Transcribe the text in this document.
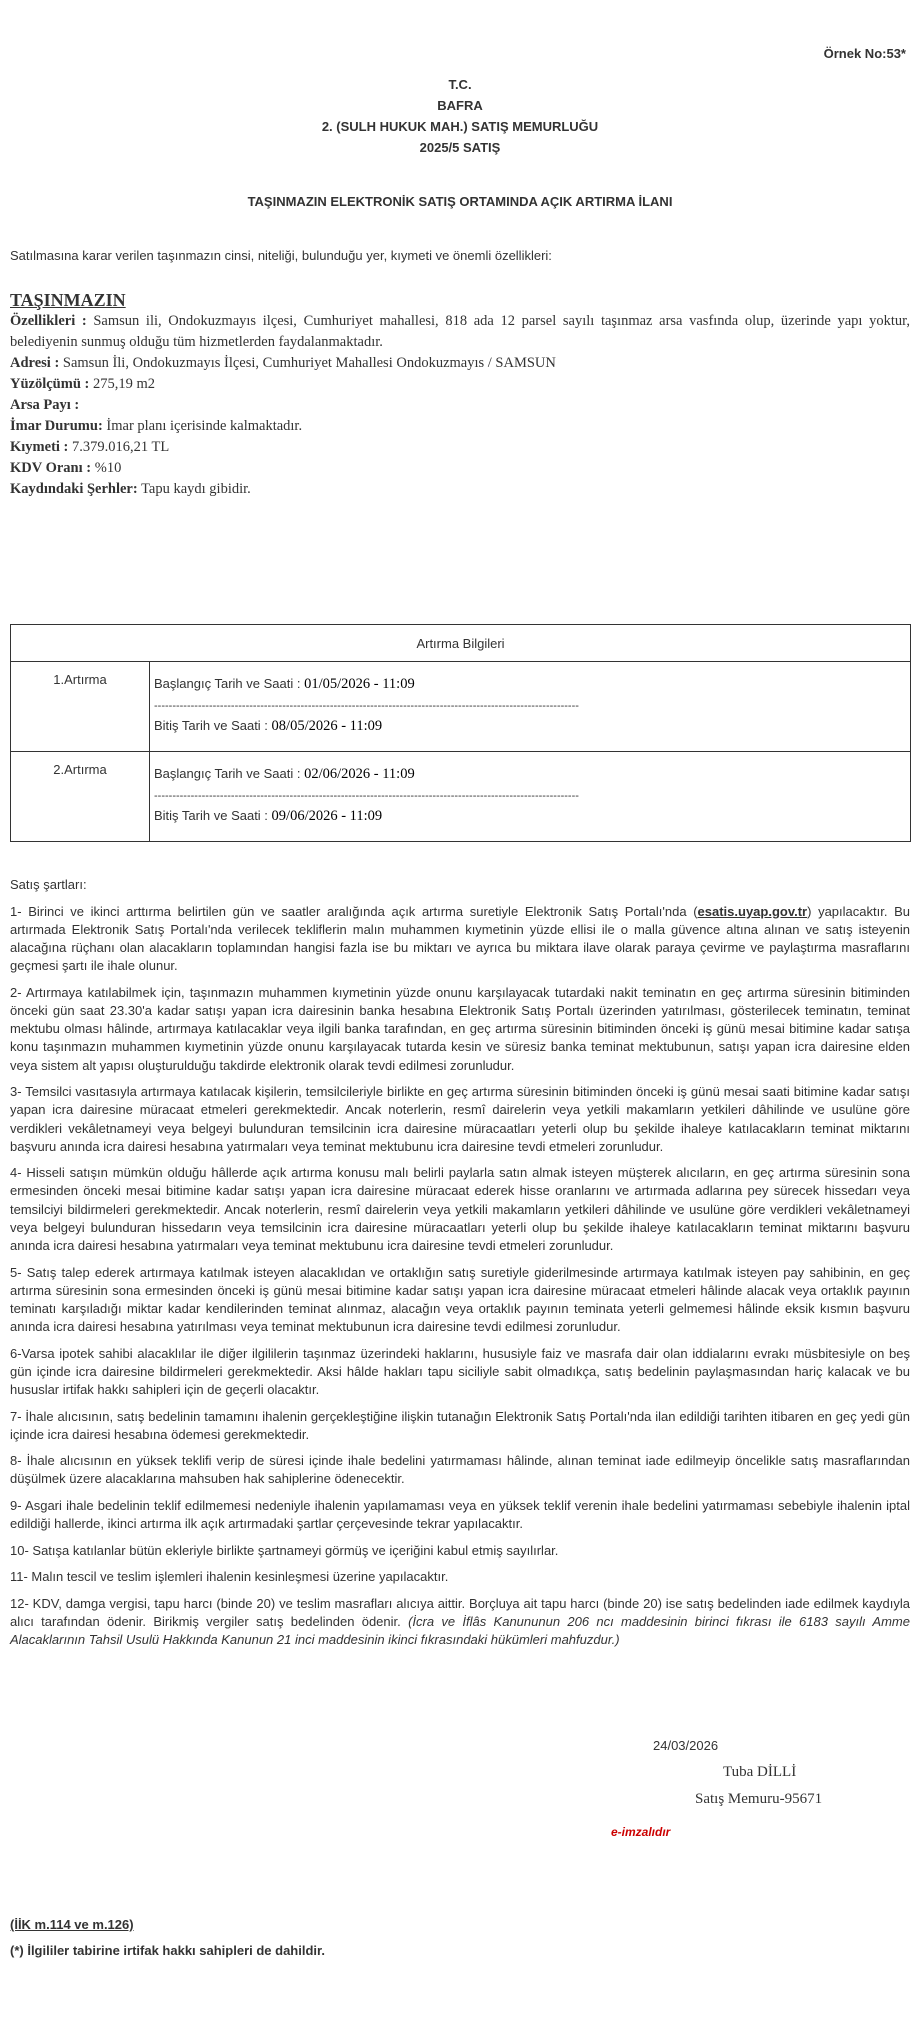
Örnek No:53*
T.C.
BAFRA
2. (SULH HUKUK MAH.) SATIŞ MEMURLUĞU
2025/5 SATIŞ
TAŞINMAZIN ELEKTRONİK SATIŞ ORTAMINDA AÇIK ARTIRMA İLANI
Satılmasına karar verilen taşınmazın cinsi, niteliği, bulunduğu yer, kıymeti ve önemli özellikleri:
TAŞINMAZIN
Özellikleri : Samsun ili, Ondokuzmayıs ilçesi, Cumhuriyet mahallesi, 818 ada 12 parsel sayılı taşınmaz arsa vasfında olup, üzerinde yapı yoktur, belediyenin sunmuş olduğu tüm hizmetlerden faydalanmaktadır.
Adresi : Samsun İli, Ondokuzmayıs İlçesi, Cumhuriyet Mahallesi Ondokuzmayıs / SAMSUN
Yüzölçümü : 275,19 m2
Arsa Payı :
İmar Durumu: İmar planı içerisinde kalmaktadır.
Kıymeti : 7.379.016,21 TL
KDV Oranı : %10
Kaydındaki Şerhler: Tapu kaydı gibidir.
Artırma Bilgileri	
1.Artırma	Başlangıç Tarih ve Saati : 01/05/2026 - 11:09
--------------------------------------------------------------------------------------------------------------------
Bitiş Tarih ve Saati : 08/05/2026 - 11:09

2.Artırma	Başlangıç Tarih ve Saati : 02/06/2026 - 11:09
--------------------------------------------------------------------------------------------------------------------
Bitiş Tarih ve Saati : 09/06/2026 - 11:09
Satış şartları:
1- Birinci ve ikinci arttırma belirtilen gün ve saatler aralığında açık artırma suretiyle Elektronik Satış Portalı'nda (esatis.uyap.gov.tr) yapılacaktır. Bu artırmada Elektronik Satış Portalı'nda verilecek tekliflerin malın muhammen kıymetinin yüzde ellisi ile o malla güvence altına alınan ve satış isteyenin alacağına rüçhanı olan alacakların toplamından hangisi fazla ise bu miktarı ve ayrıca bu miktara ilave olarak paraya çevirme ve paylaştırma masraflarını geçmesi şartı ile ihale olunur.
2- Artırmaya katılabilmek için, taşınmazın muhammen kıymetinin yüzde onunu karşılayacak tutardaki nakit teminatın en geç artırma süresinin bitiminden önceki gün saat 23.30'a kadar satışı yapan icra dairesinin banka hesabına Elektronik Satış Portalı üzerinden yatırılması, gösterilecek teminatın, teminat mektubu olması hâlinde, artırmaya katılacaklar veya ilgili banka tarafından, en geç artırma süresinin bitiminden önceki iş günü mesai bitimine kadar satışa konu taşınmazın muhammen kıymetinin yüzde onunu karşılayacak tutarda kesin ve süresiz banka teminat mektubunun, satışı yapan icra dairesine elden veya sistem alt yapısı oluşturulduğu takdirde elektronik olarak tevdi edilmesi zorunludur.
3- Temsilci vasıtasıyla artırmaya katılacak kişilerin, temsilcileriyle birlikte en geç artırma süresinin bitiminden önceki iş günü mesai saati bitimine kadar satışı yapan icra dairesine müracaat etmeleri gerekmektedir. Ancak noterlerin, resmî dairelerin veya yetkili makamların yetkileri dâhilinde ve usulüne göre verdikleri vekâletnameyi veya belgeyi bulunduran temsilcinin icra dairesine müracaatları yeterli olup bu şekilde ihaleye katılacakların teminat miktarını başvuru anında icra dairesi hesabına yatırmaları veya teminat mektubunu icra dairesine tevdi etmeleri zorunludur.
4- Hisseli satışın mümkün olduğu hâllerde açık artırma konusu malı belirli paylarla satın almak isteyen müşterek alıcıların, en geç artırma süresinin sona ermesinden önceki mesai bitimine kadar satışı yapan icra dairesine müracaat ederek hisse oranlarını ve artırmada adlarına pey sürecek hissedarı veya temsilciyi bildirmeleri gerekmektedir. Ancak noterlerin, resmî dairelerin veya yetkili makamların yetkileri dâhilinde ve usulüne göre verdikleri vekâletnameyi veya belgeyi bulunduran hissedarın veya temsilcinin icra dairesine müracaatları yeterli olup bu şekilde ihaleye katılacakların teminat miktarını başvuru anında icra dairesi hesabına yatırmaları veya teminat mektubunu icra dairesine tevdi etmeleri zorunludur.
5- Satış talep ederek artırmaya katılmak isteyen alacaklıdan ve ortaklığın satış suretiyle giderilmesinde artırmaya katılmak isteyen pay sahibinin, en geç artırma süresinin sona ermesinden önceki iş günü mesai bitimine kadar satışı yapan icra dairesine müracaat etmeleri hâlinde alacak veya ortaklık payının teminatı karşıladığı miktar kadar kendilerinden teminat alınmaz, alacağın veya ortaklık payının teminata yeterli gelmemesi hâlinde eksik kısmın başvuru anında icra dairesi hesabına yatırılması veya teminat mektubunun icra dairesine tevdi edilmesi zorunludur.
6-Varsa ipotek sahibi alacaklılar ile diğer ilgililerin taşınmaz üzerindeki haklarını, hususiyle faiz ve masrafa dair olan iddialarını evrakı müsbitesiyle on beş gün içinde icra dairesine bildirmeleri gerekmektedir. Aksi hâlde hakları tapu siciliyle sabit olmadıkça, satış bedelinin paylaşmasından hariç kalacak ve bu hususlar irtifak hakkı sahipleri için de geçerli olacaktır.
7- İhale alıcısının, satış bedelinin tamamını ihalenin gerçekleştiğine ilişkin tutanağın Elektronik Satış Portalı'nda ilan edildiği tarihten itibaren en geç yedi gün içinde icra dairesi hesabına ödemesi gerekmektedir.
8- İhale alıcısının en yüksek teklifi verip de süresi içinde ihale bedelini yatırmaması hâlinde, alınan teminat iade edilmeyip öncelikle satış masraflarından düşülmek üzere alacaklarına mahsuben hak sahiplerine ödenecektir.
9- Asgari ihale bedelinin teklif edilmemesi nedeniyle ihalenin yapılamaması veya en yüksek teklif verenin ihale bedelini yatırmaması sebebiyle ihalenin iptal edildiği hallerde, ikinci artırma ilk açık artırmadaki şartlar çerçevesinde tekrar yapılacaktır.
10- Satışa katılanlar bütün ekleriyle birlikte şartnameyi görmüş ve içeriğini kabul etmiş sayılırlar.
11- Malın tescil ve teslim işlemleri ihalenin kesinleşmesi üzerine yapılacaktır.
12- KDV, damga vergisi, tapu harcı (binde 20) ve teslim masrafları alıcıya aittir. Borçluya ait tapu harcı (binde 20) ise satış bedelinden iade edilmek kaydıyla alıcı tarafından ödenir. Birikmiş vergiler satış bedelinden ödenir. (İcra ve İflâs Kanununun 206 ncı maddesinin birinci fıkrası ile 6183 sayılı Amme Alacaklarının Tahsil Usulü Hakkında Kanunun 21 inci maddesinin ikinci fıkrasındaki hükümleri mahfuzdur.)
24/03/2026
Tuba DİLLİ
Satış Memuru-95671
e-imzalıdır
(İİK m.114 ve m.126)
(*) İlgililer tabirine irtifak hakkı sahipleri de dahildir.
